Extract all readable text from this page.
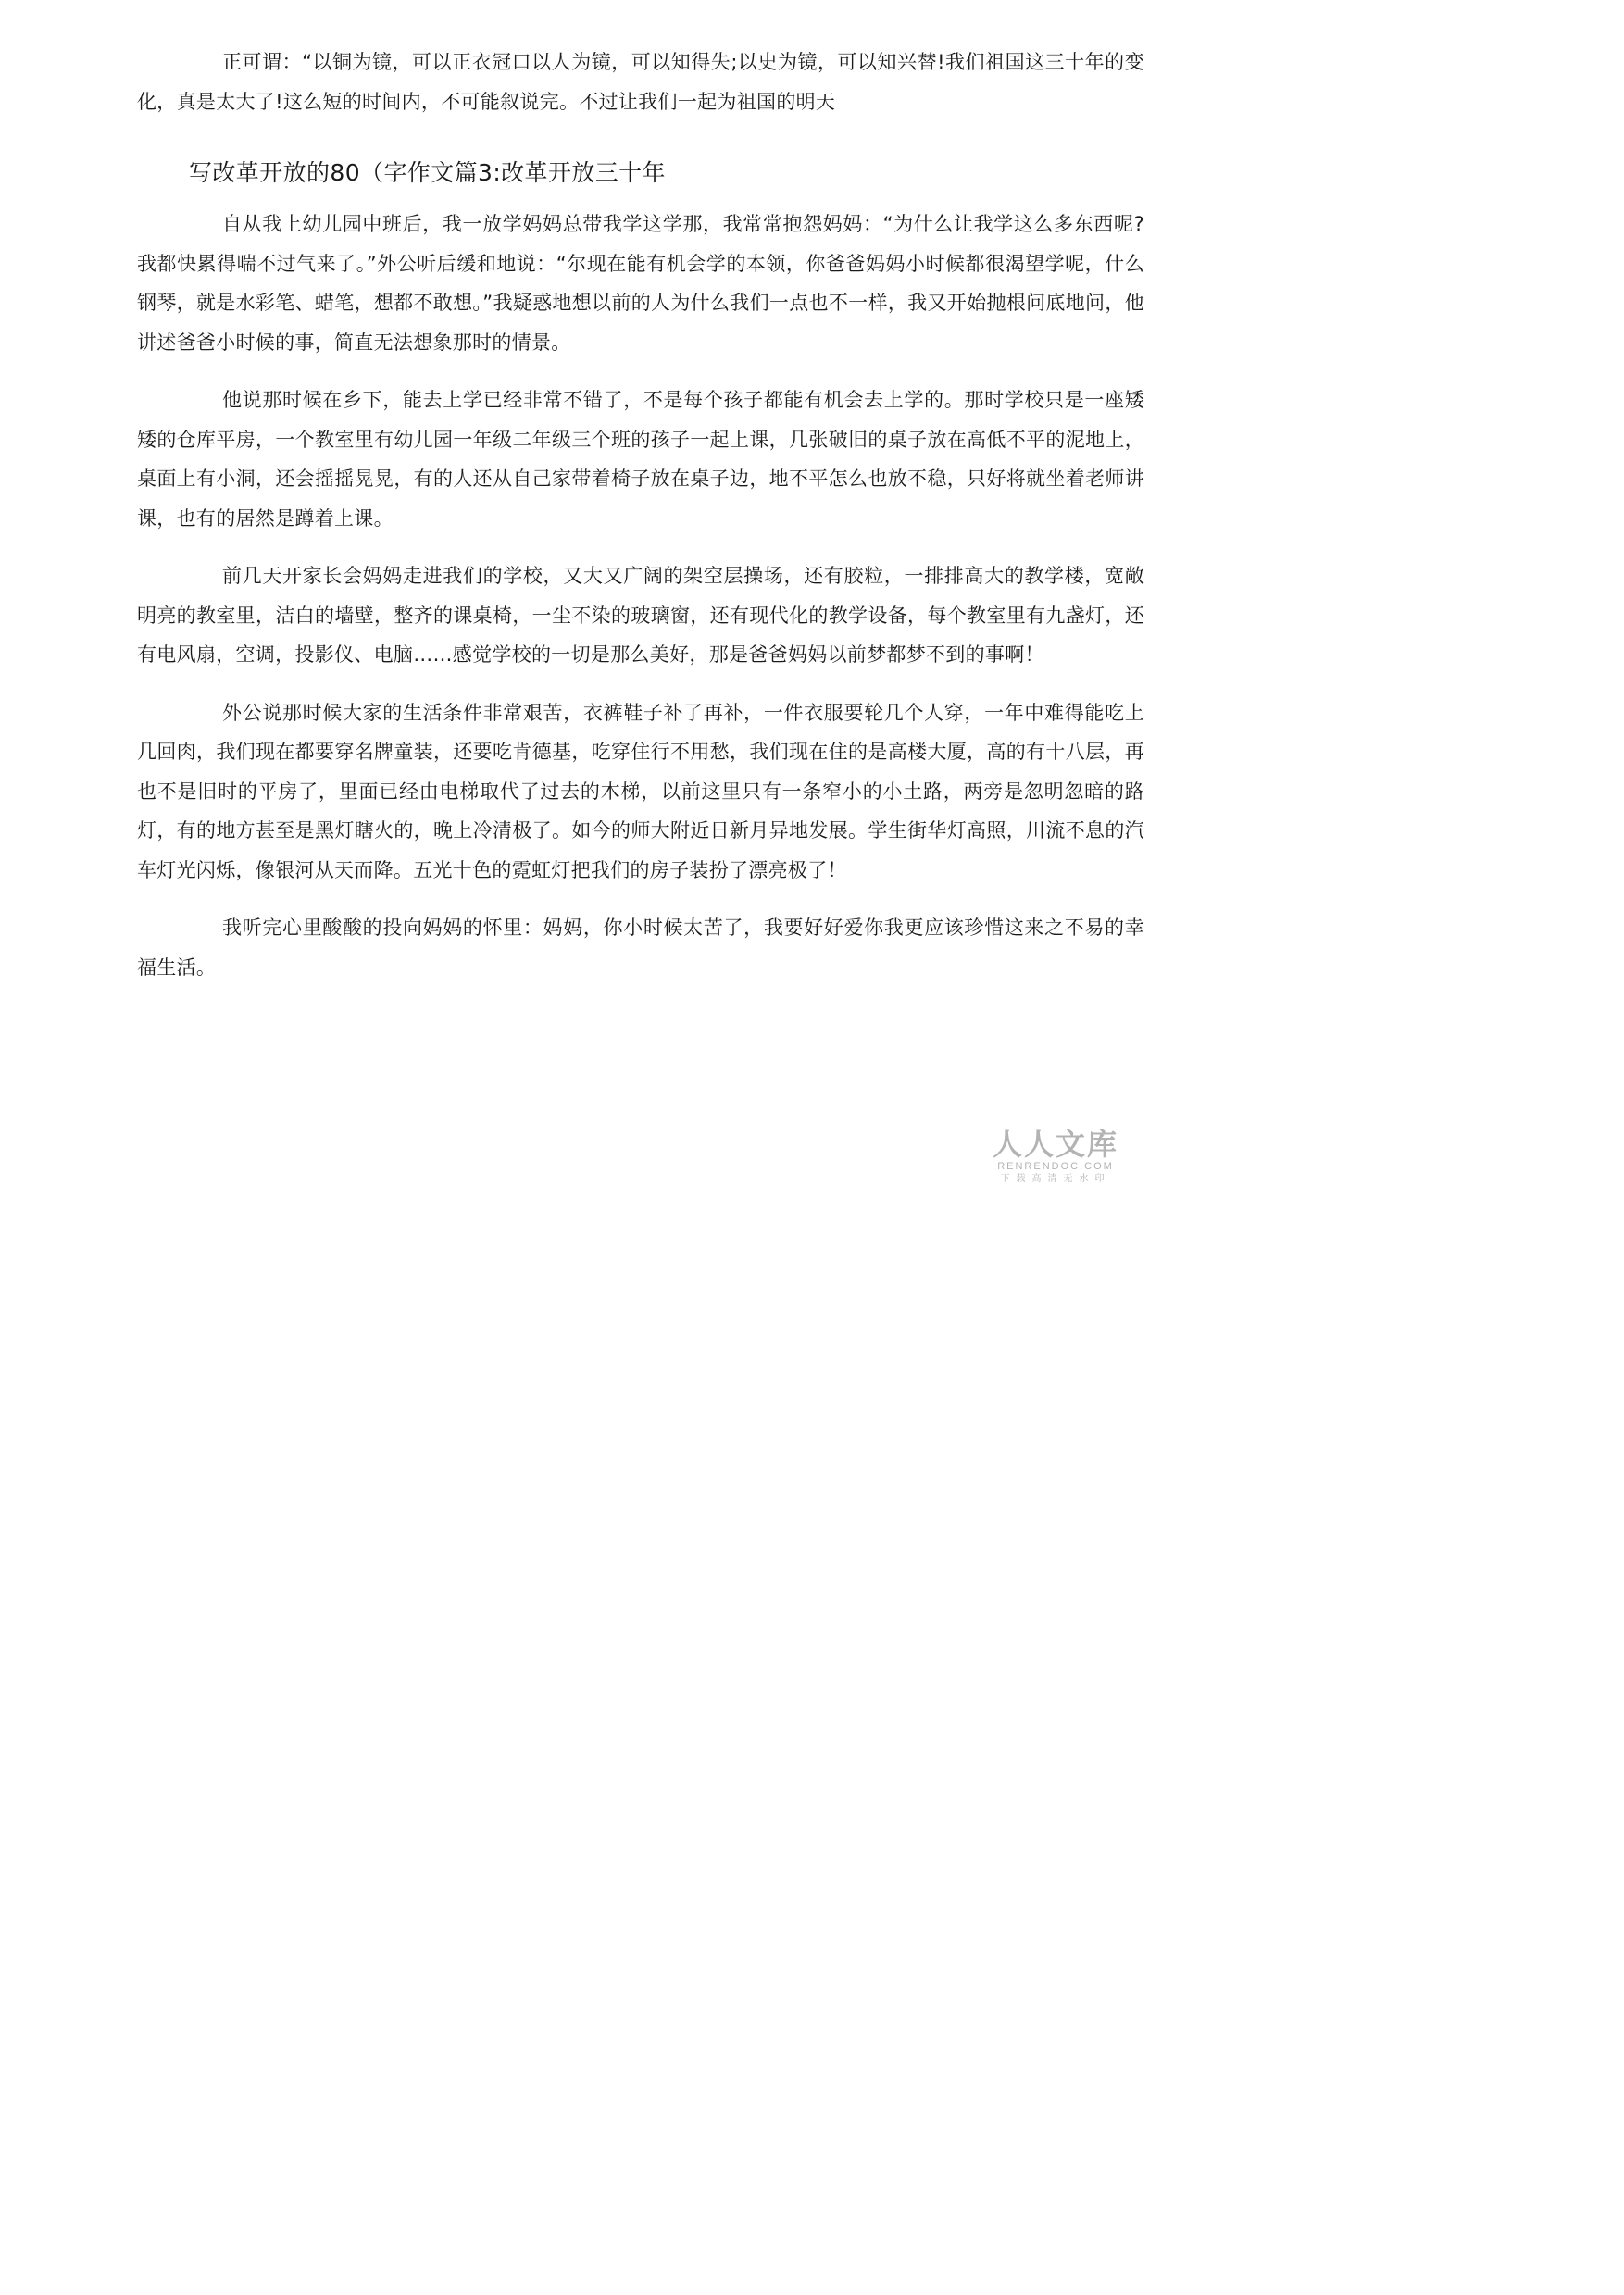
正可谓：“以铜为镜，可以正衣冠口以人为镜，可以知得失;以史为镜，可以知兴替!我们祖国这三十年的变化，真是太大了!这么短的时间内，不可能叙说完。不过让我们一起为祖国的明天

写改革开放的80（字作文篇3:改革开放三十年

自从我上幼儿园中班后，我一放学妈妈总带我学这学那，我常常抱怨妈妈：“为什么让我学这么多东西呢?我都快累得喘不过气来了。”外公听后缓和地说：“尔现在能有机会学的本领，你爸爸妈妈小时候都很渴望学呢，什么钢琴，就是水彩笔、蜡笔，想都不敢想。”我疑惑地想以前的人为什么我们一点也不一样，我又开始抛根问底地问，他讲述爸爸小时候的事，简直无法想象那时的情景。

他说那时候在乡下，能去上学已经非常不错了，不是每个孩子都能有机会去上学的。那时学校只是一座矮矮的仓库平房，一个教室里有幼儿园一年级二年级三个班的孩子一起上课，几张破旧的桌子放在高低不平的泥地上，桌面上有小洞，还会摇摇晃晃，有的人还从自己家带着椅子放在桌子边，地不平怎么也放不稳，只好将就坐着老师讲课，也有的居然是蹲着上课。

前几天开家长会妈妈走进我们的学校，又大又广阔的架空层操场，还有胶粒，一排排高大的教学楼，宽敞明亮的教室里，洁白的墙壁，整齐的课桌椅，一尘不染的玻璃窗，还有现代化的教学设备，每个教室里有九盏灯，还有电风扇，空调，投影仪、电脑……感觉学校的一切是那么美好，那是爸爸妈妈以前梦都梦不到的事啊！

外公说那时候大家的生活条件非常艰苦，衣裤鞋子补了再补，一件衣服要轮几个人穿，一年中难得能吃上几回肉，我们现在都要穿名牌童装，还要吃肯德基，吃穿住行不用愁，我们现在住的是高楼大厦，高的有十八层，再也不是旧时的平房了，里面已经由电梯取代了过去的木梯，以前这里只有一条窄小的小土路，两旁是忽明忽暗的路灯，有的地方甚至是黑灯瞎火的，晚上冷清极了。如今的师大附近日新月异地发展。学生街华灯高照，川流不息的汽车灯光闪烁，像银河从天而降。五光十色的霓虹灯把我们的房子装扮了漂亮极了！

我听完心里酸酸的投向妈妈的怀里：妈妈，你小时候太苦了，我要好好爱你我更应该珍惜这来之不易的幸福生活。

人人文库
RENRENDOC.COM
下载高清无水印
